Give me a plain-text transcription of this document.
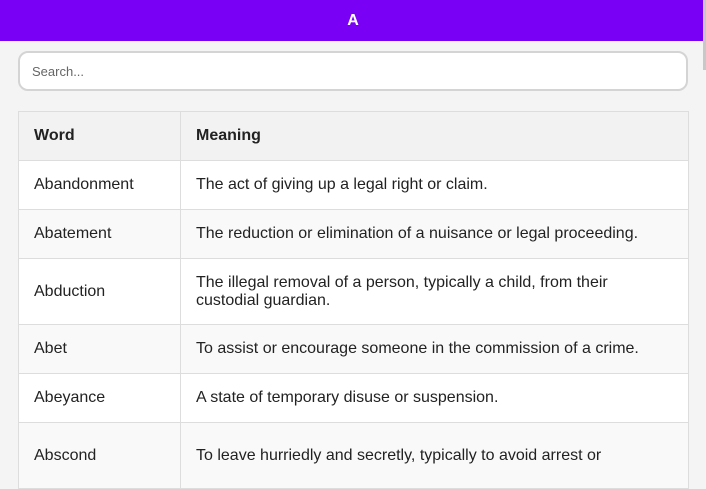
A
Search...
Word	Meaning
Abandonment	The act of giving up a legal right or claim.
Abatement	The reduction or elimination of a nuisance or legal proceeding.
Abduction	The illegal removal of a person, typically a child, from their custodial guardian.
Abet	To assist or encourage someone in the commission of a crime.
Abeyance	A state of temporary disuse or suspension.
Abscond	To leave hurriedly and secretly, typically to avoid arrest or
